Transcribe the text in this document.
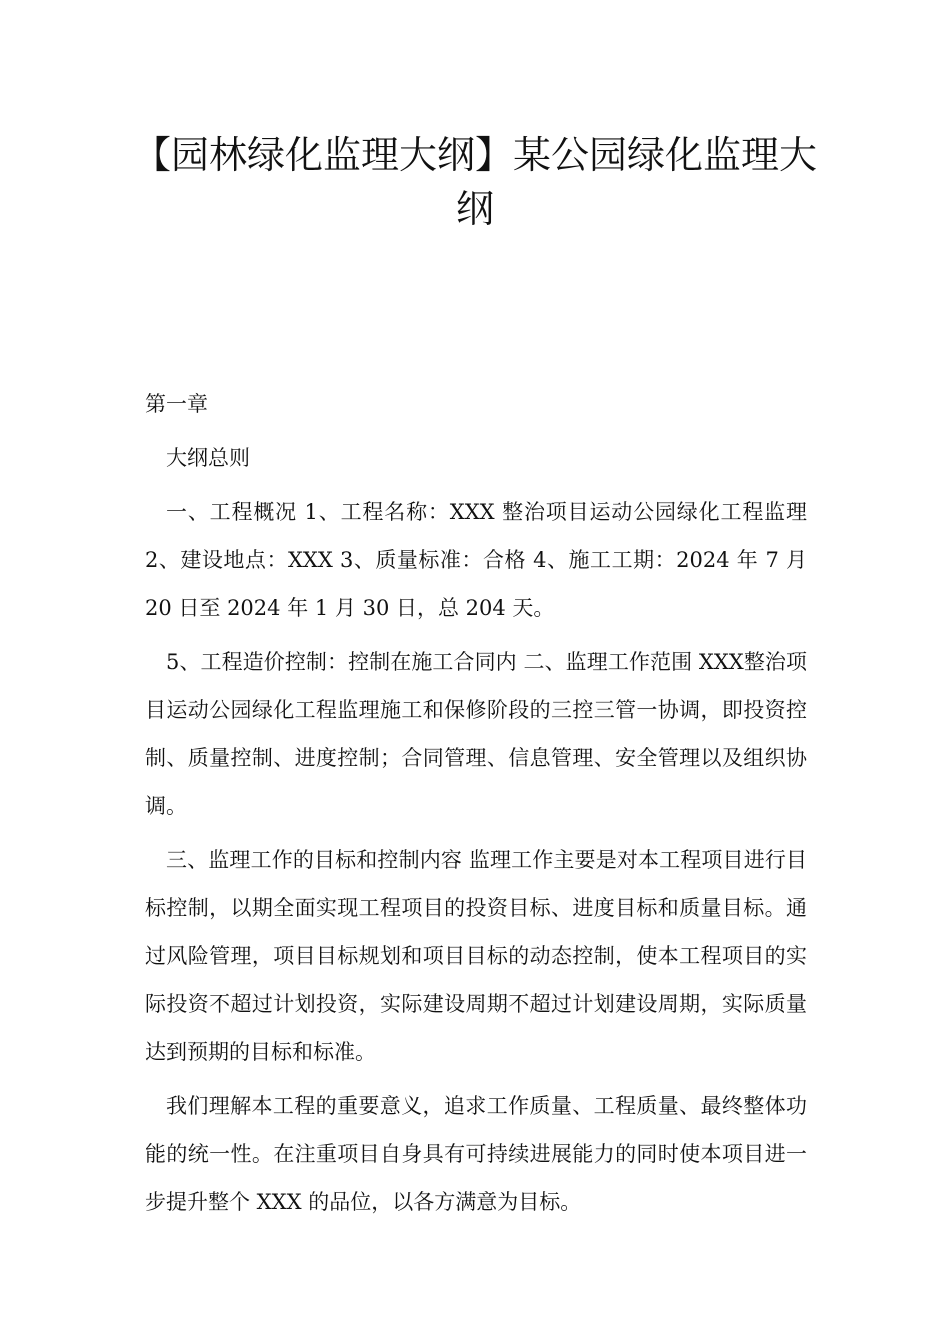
【园林绿化监理大纲】某公园绿化监理大纲

第一章

大纲总则

一、工程概况 1、工程名称：XXX 整治项目运动公园绿化工程监理 2、建设地点：XXX 3、质量标准：合格 4、施工工期：2024 年 7 月 20 日至 2024 年 1 月 30 日，总 204 天。

5、工程造价控制：控制在施工合同内 二、监理工作范围 XXX整治项目运动公园绿化工程监理施工和保修阶段的三控三管一协调，即投资控制、质量控制、进度控制；合同管理、信息管理、安全管理以及组织协调。

三、监理工作的目标和控制内容 监理工作主要是对本工程项目进行目标控制，以期全面实现工程项目的投资目标、进度目标和质量目标。通过风险管理，项目目标规划和项目目标的动态控制，使本工程项目的实际投资不超过计划投资，实际建设周期不超过计划建设周期，实际质量达到预期的目标和标准。

我们理解本工程的重要意义，追求工作质量、工程质量、最终整体功能的统一性。在注重项目自身具有可持续进展能力的同时使本项目进一步提升整个 XXX 的品位，以各方满意为目标。
